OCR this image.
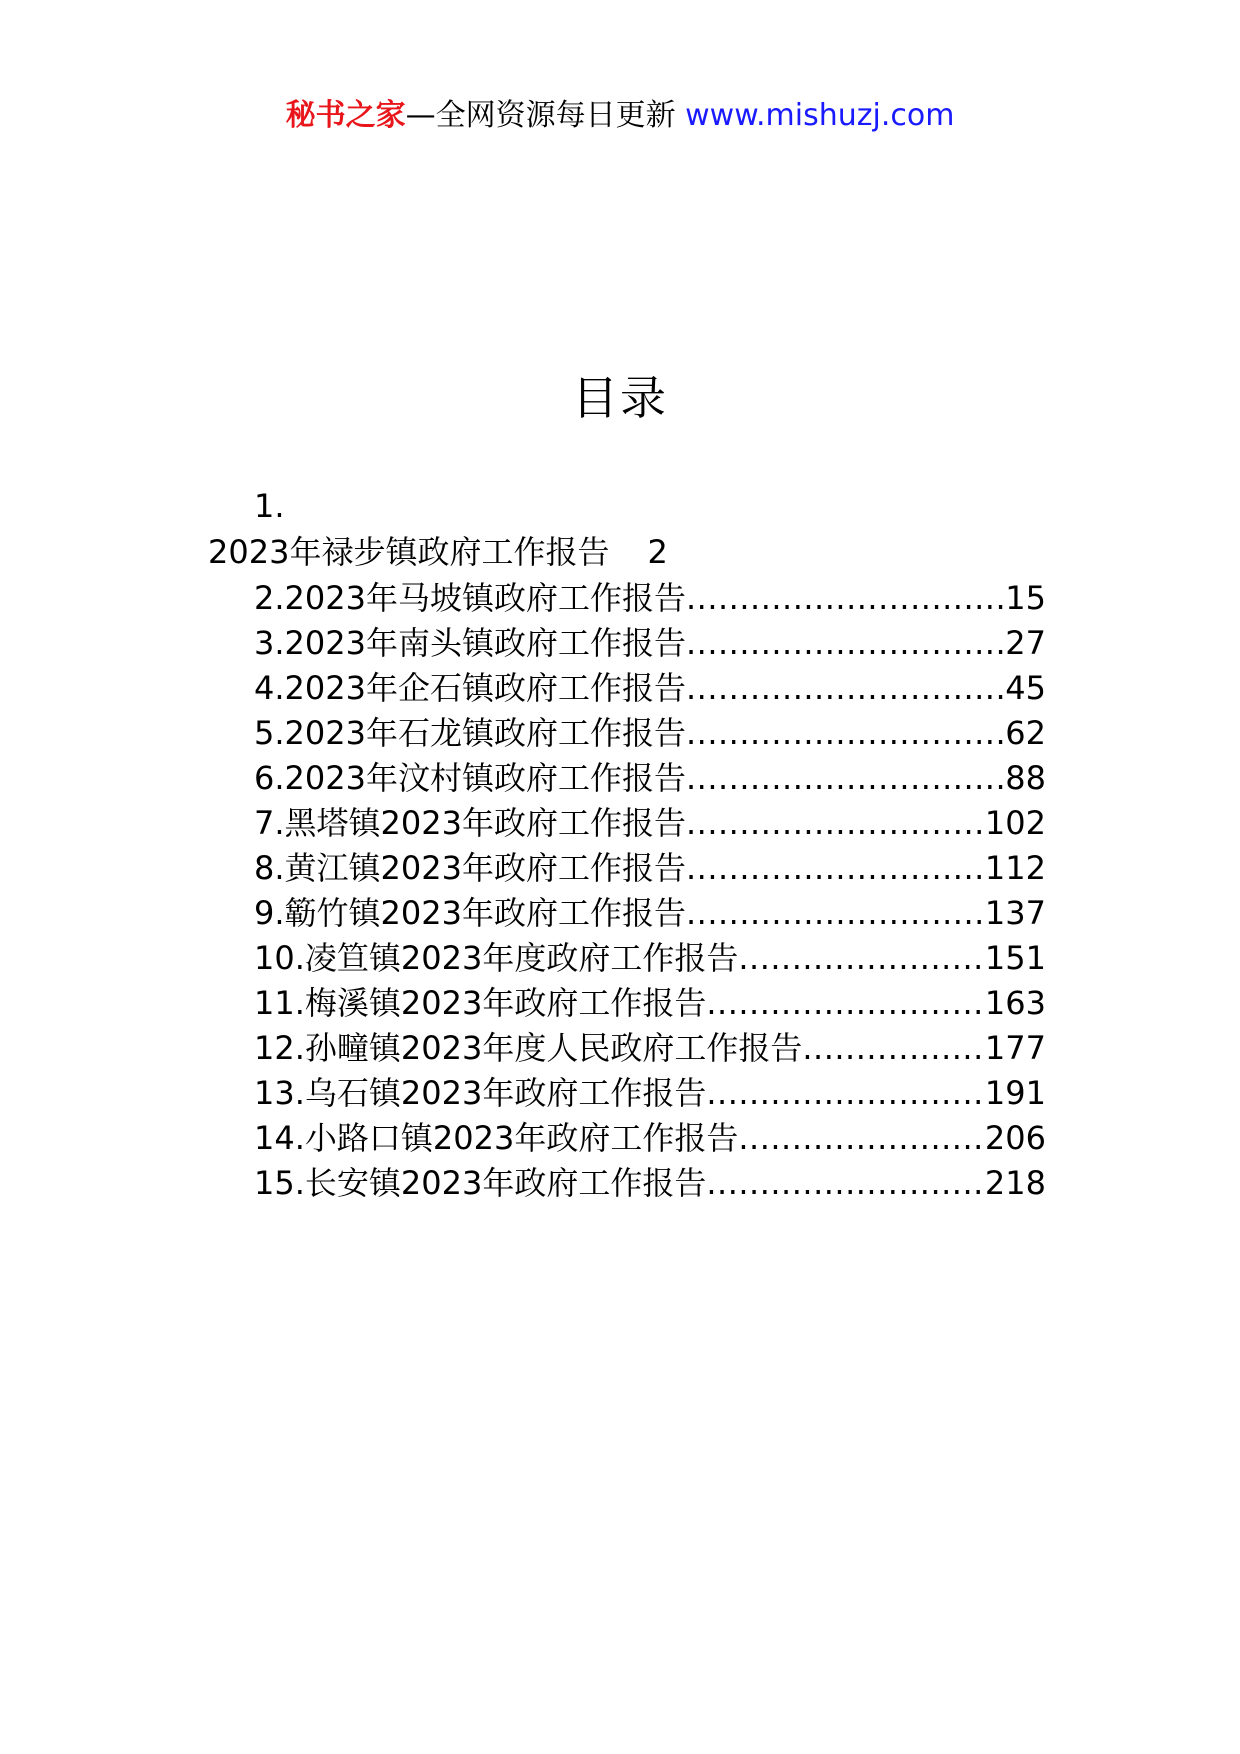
秘书之家—全网资源每日更新 www.mishuzj.com
目录
1.
2023年禄步镇政府工作报告 2
2.2023年马坡镇政府工作报告 .....	15
3.2023年南头镇政府工作报告 .....	27
4.2023年企石镇政府工作报告 .....	45
5.2023年石龙镇政府工作报告 .....	62
6.2023年汶村镇政府工作报告 .....	88
7.黑塔镇2023年政府工作报告 .....	102
8.黄江镇2023年政府工作报告 .....	112
9.簕竹镇2023年政府工作报告 .....	137
10.凌笪镇2023年度政府工作报告 .....	151
11.梅溪镇2023年政府工作报告 .....	163
12.孙疃镇2023年度人民政府工作报告 .....	177
13.乌石镇2023年政府工作报告 .....	191
14.小路口镇2023年政府工作报告 .....	206
15.长安镇2023年政府工作报告 .....	218
